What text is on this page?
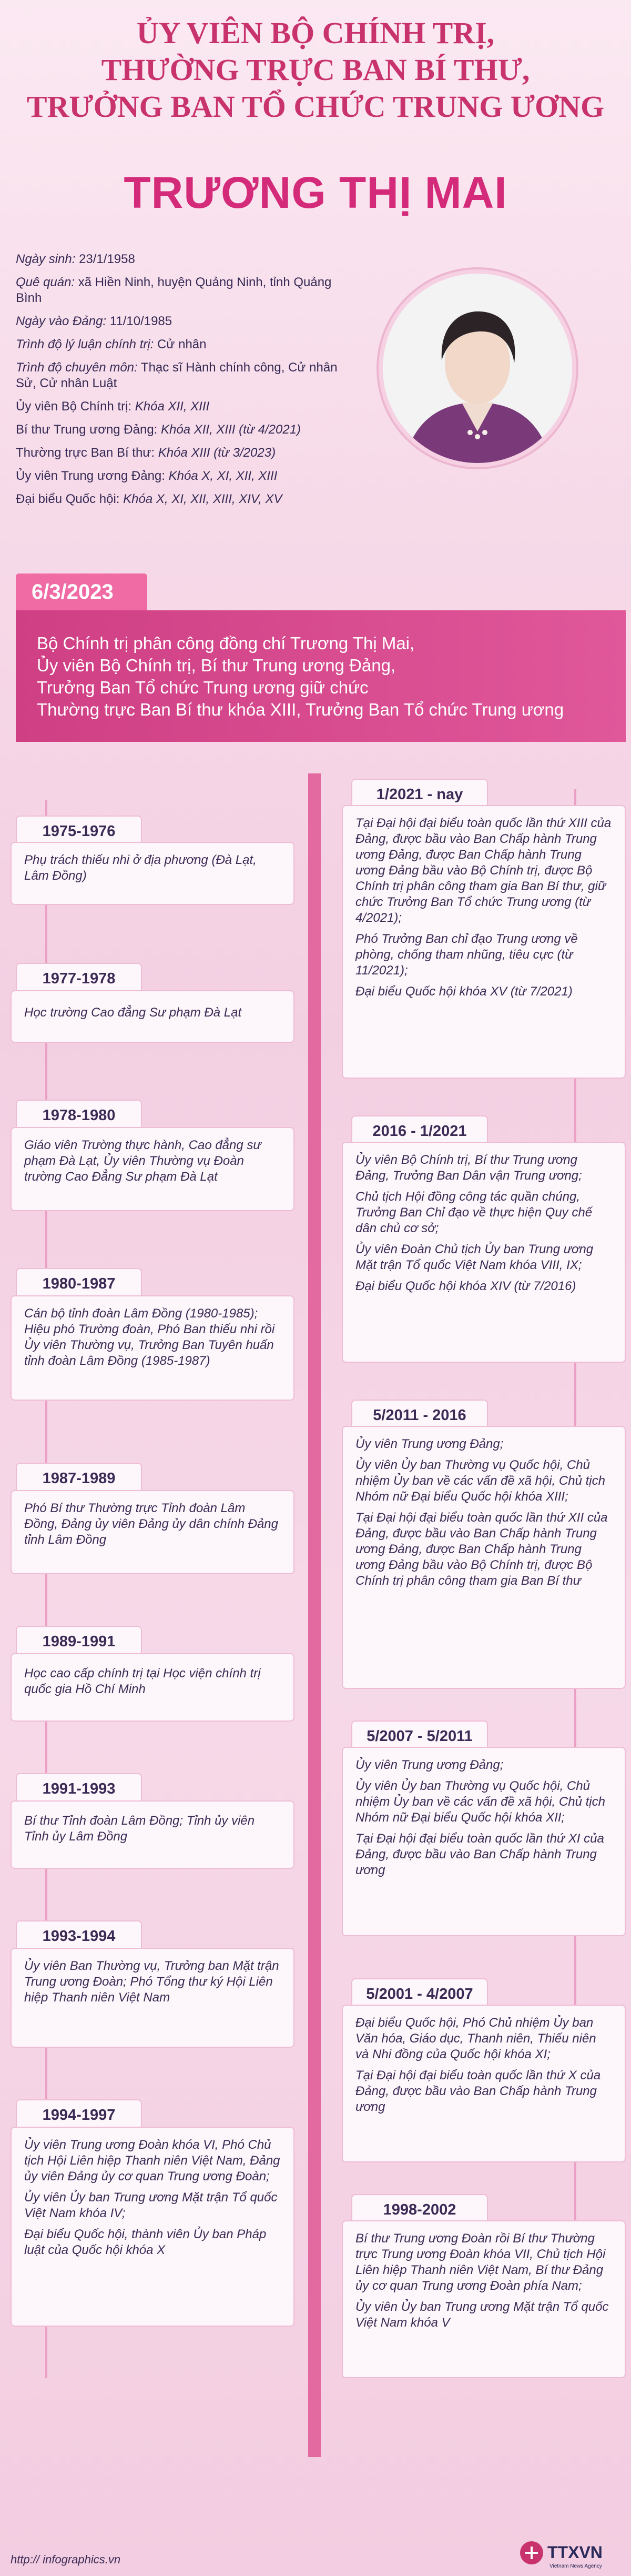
ỦY VIÊN BỘ CHÍNH TRỊ,
THƯỜNG TRỰC BAN BÍ THƯ,
TRƯỞNG BAN TỔ CHỨC TRUNG ƯƠNG
TRƯƠNG THỊ MAI
Ngày sinh: 23/1/1958
Quê quán: xã Hiền Ninh, huyện Quảng Ninh, tỉnh Quảng Bình
Ngày vào Đảng: 11/10/1985
Trình độ lý luận chính trị: Cử nhân
Trình độ chuyên môn: Thạc sĩ Hành chính công, Cử nhân Sử, Cử nhân Luật
Ủy viên Bộ Chính trị: Khóa XII, XIII
Bí thư Trung ương Đảng: Khóa XII, XIII (từ 4/2021)
Thường trực Ban Bí thư: Khóa XIII (từ 3/2023)
Ủy viên Trung ương Đảng: Khóa X, XI, XII, XIII
Đại biểu Quốc hội: Khóa X, XI, XII, XIII, XIV, XV
6/3/2023
Bộ Chính trị phân công đồng chí Trương Thị Mai,
Ủy viên Bộ Chính trị, Bí thư Trung ương Đảng,
Trưởng Ban Tổ chức Trung ương giữ chức
Thường trực Ban Bí thư khóa XIII, Trưởng Ban Tổ chức Trung ương
1975-1976

Phụ trách thiếu nhi ở địa phương (Đà Lạt, Lâm Đồng)

1977-1978

Học trường Cao đẳng Sư phạm Đà Lạt

1978-1980

Giáo viên Trường thực hành, Cao đẳng sư phạm Đà Lạt, Ủy viên Thường vụ Đoàn trường Cao Đẳng Sư phạm Đà Lạt

1980-1987

Cán bộ tỉnh đoàn Lâm Đồng (1980-1985); Hiệu phó Trường đoàn, Phó Ban thiếu nhi rồi Ủy viên Thường vụ, Trưởng Ban Tuyên huấn tỉnh đoàn Lâm Đồng (1985-1987)

1987-1989

Phó Bí thư Thường trực Tỉnh đoàn Lâm Đồng, Đảng ủy viên Đảng ủy dân chính Đảng tỉnh Lâm Đồng

1989-1991

Học cao cấp chính trị tại Học viện chính trị quốc gia Hồ Chí Minh

1991-1993

Bí thư Tỉnh đoàn Lâm Đồng; Tỉnh ủy viên Tỉnh ủy Lâm Đồng

1993-1994

Ủy viên Ban Thường vụ, Trưởng ban Mặt trận Trung ương Đoàn; Phó Tổng thư ký Hội Liên hiệp Thanh niên Việt Nam

1994-1997

Ủy viên Trung ương Đoàn khóa VI, Phó Chủ tịch Hội Liên hiệp Thanh niên Việt Nam, Đảng ủy viên Đảng ủy cơ quan Trung ương Đoàn;

Ủy viên Ủy ban Trung ương Mặt trận Tổ quốc Việt Nam khóa IV;

Đại biểu Quốc hội, thành viên Ủy ban Pháp luật của Quốc hội khóa X

1/2021 - nay

Tại Đại hội đại biểu toàn quốc lần thứ XIII của Đảng, được bầu vào Ban Chấp hành Trung ương Đảng, được Ban Chấp hành Trung ương Đảng bầu vào Bộ Chính trị, được Bộ Chính trị phân công tham gia Ban Bí thư, giữ chức Trưởng Ban Tổ chức Trung ương (từ 4/2021);

Phó Trưởng Ban chỉ đạo Trung ương về phòng, chống tham nhũng, tiêu cực (từ 11/2021);

Đại biểu Quốc hội khóa XV (từ 7/2021)

2016 - 1/2021

Ủy viên Bộ Chính trị, Bí thư Trung ương Đảng, Trưởng Ban Dân vận Trung ương;

Chủ tịch Hội đồng công tác quần chúng, Trưởng Ban Chỉ đạo về thực hiện Quy chế dân chủ cơ sở;

Ủy viên Đoàn Chủ tịch Ủy ban Trung ương Mặt trận Tổ quốc Việt Nam khóa VIII, IX;

Đại biểu Quốc hội khóa XIV (từ 7/2016)

5/2011 - 2016

Ủy viên Trung ương Đảng;

Ủy viên Ủy ban Thường vụ Quốc hội, Chủ nhiệm Ủy ban về các vấn đề xã hội, Chủ tịch Nhóm nữ Đại biểu Quốc hội khóa XIII;

Tại Đại hội đại biểu toàn quốc lần thứ XII của Đảng, được bầu vào Ban Chấp hành Trung ương Đảng, được Ban Chấp hành Trung ương Đảng bầu vào Bộ Chính trị, được Bộ Chính trị phân công tham gia Ban Bí thư

5/2007 - 5/2011

Ủy viên Trung ương Đảng;

Ủy viên Ủy ban Thường vụ Quốc hội, Chủ nhiệm Ủy ban về các vấn đề xã hội, Chủ tịch Nhóm nữ Đại biểu Quốc hội khóa XII;

Tại Đại hội đại biểu toàn quốc lần thứ XI của Đảng, được bầu vào Ban Chấp hành Trung ương

5/2001 - 4/2007

Đại biểu Quốc hội, Phó Chủ nhiệm Ủy ban Văn hóa, Giáo dục, Thanh niên, Thiếu niên và Nhi đồng của Quốc hội khóa XI;

Tại Đại hội đại biểu toàn quốc lần thứ X của Đảng, được bầu vào Ban Chấp hành Trung ương

1998-2002

Bí thư Trung ương Đoàn rồi Bí thư Thường trực Trung ương Đoàn khóa VII, Chủ tịch Hội Liên hiệp Thanh niên Việt Nam, Bí thư Đảng ủy cơ quan Trung ương Đoàn phía Nam;

Ủy viên Ủy ban Trung ương Mặt trận Tổ quốc Việt Nam khóa V

http:// infographics.vn	TTXVN
Vietnam News Agency
